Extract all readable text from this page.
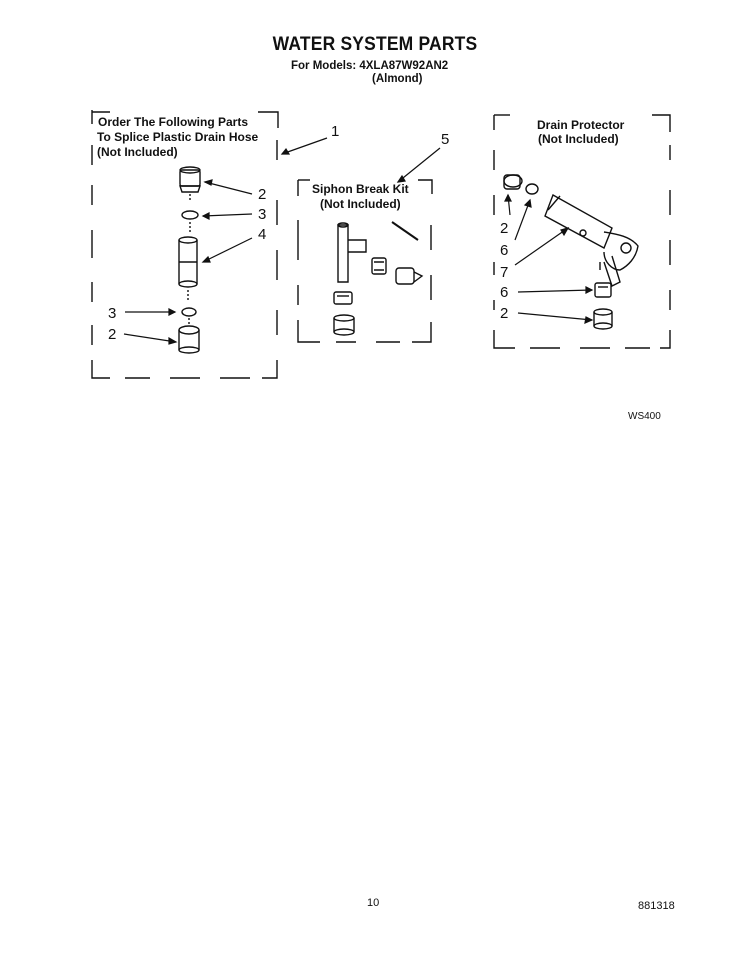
WATER SYSTEM PARTS
For Models: 4XLA87W92AN2
(Almond)
Order The Following Parts
To Splice Plastic Drain Hose
(Not Included)
Siphon Break Kit
(Not Included)
Drain Protector
(Not Included)
1	5
2
3
4
3
2
2
6
7
6
2
WS400
10	881318
